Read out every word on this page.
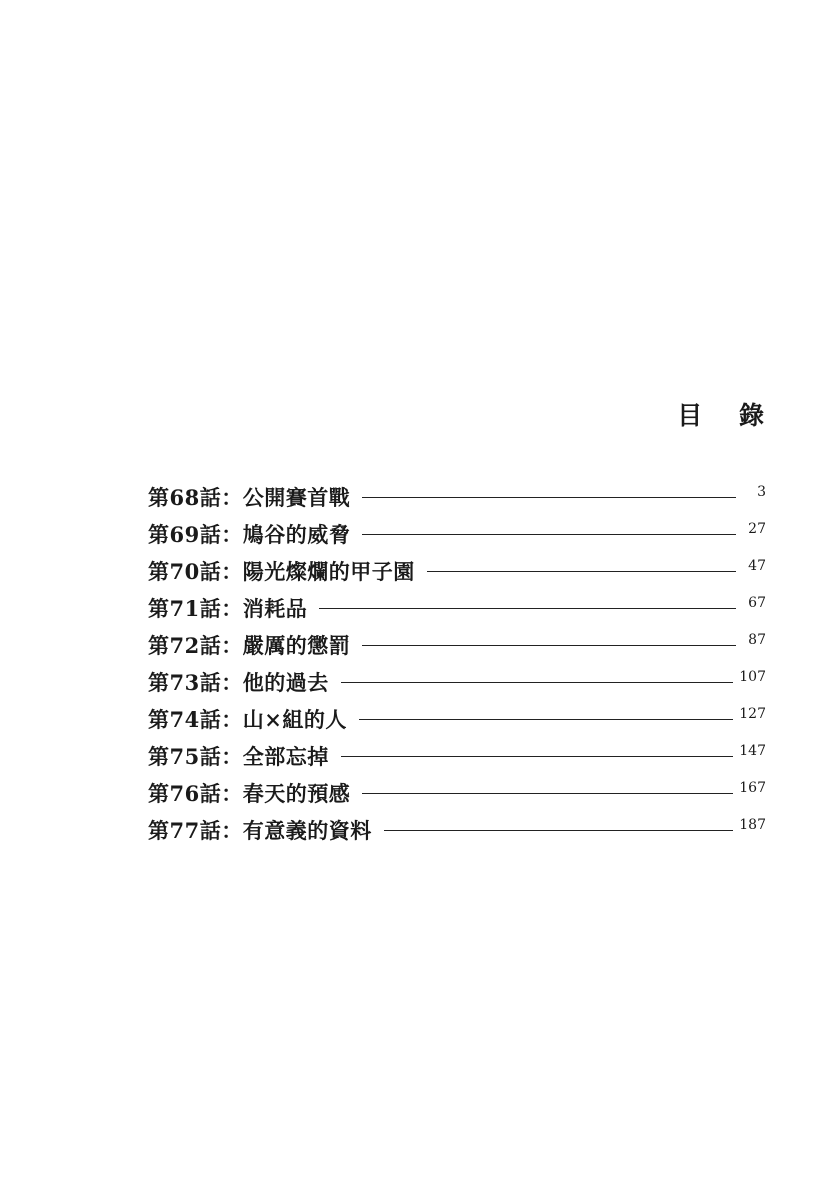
目 錄
第68話：公開賽首戰	3
第69話：鳩谷的威脅	27
第70話：陽光燦爛的甲子園	47
第71話：消耗品	67
第72話：嚴厲的懲罰	87
第73話：他的過去	107
第74話：山×組的人	127
第75話：全部忘掉	147
第76話：春天的預感	167
第77話：有意義的資料	187
